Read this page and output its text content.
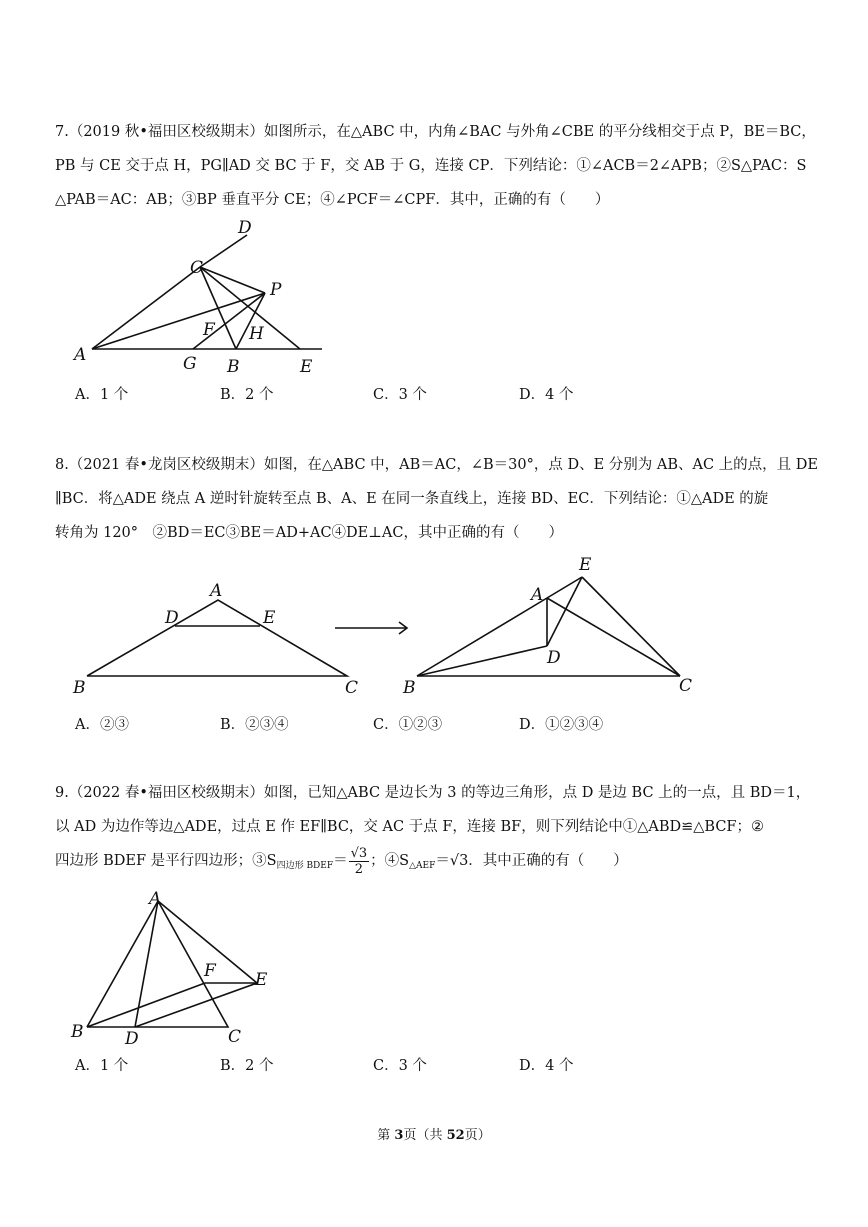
7.（2019 秋•福田区校级期末）如图所示，在△ABC 中，内角∠BAC 与外角∠CBE 的平分线相交于点 P，BE＝BC，
PB 与 CE 交于点 H，PG∥AD 交 BC 于 F，交 AB 于 G，连接 CP．下列结论：①∠ACB＝2∠APB；②S△PAC：S
△PAB＝AC：AB；③BP 垂直平分 CE；④∠PCF＝∠CPF．其中，正确的有（　　）
D
C
P
F H
A	G B	E
A．1 个	B．2 个	C．3 个	D．4 个
8.（2021 春•龙岗区校级期末）如图，在△ABC 中，AB＝AC，∠B＝30°，点 D、E 分别为 AB、AC 上的点，且 DE
∥BC．将△ADE 绕点 A 逆时针旋转至点 B、A、E 在同一条直线上，连接 BD、EC．下列结论：①△ADE 的旋
转角为 120°　②BD＝EC③BE＝AD+AC④DE⊥AC，其中正确的有（　　）
A
D	E
B	C
E
A
D
B	C
A．②③	B．②③④	C．①②③	D．①②③④
9.（2022 春•福田区校级期末）如图，已知△ABC 是边长为 3 的等边三角形，点 D 是边 BC 上的一点，且 BD＝1，
以 AD 为边作等边△ADE，过点 E 作 EF∥BC，交 AC 于点 F，连接 BF，则下列结论中①△ABD≌△BCF；②
四边形 BDEF 是平行四边形；$③S_{四边形 BDEF}= \frac{√3}{2}$ ；$④S_{\triangle AEF}=√3$．其中正确的有（　　）
A
F E
B D	C
A．1 个	B．2 个	C．3 个	D．4 个
第 3页（共 52页）
